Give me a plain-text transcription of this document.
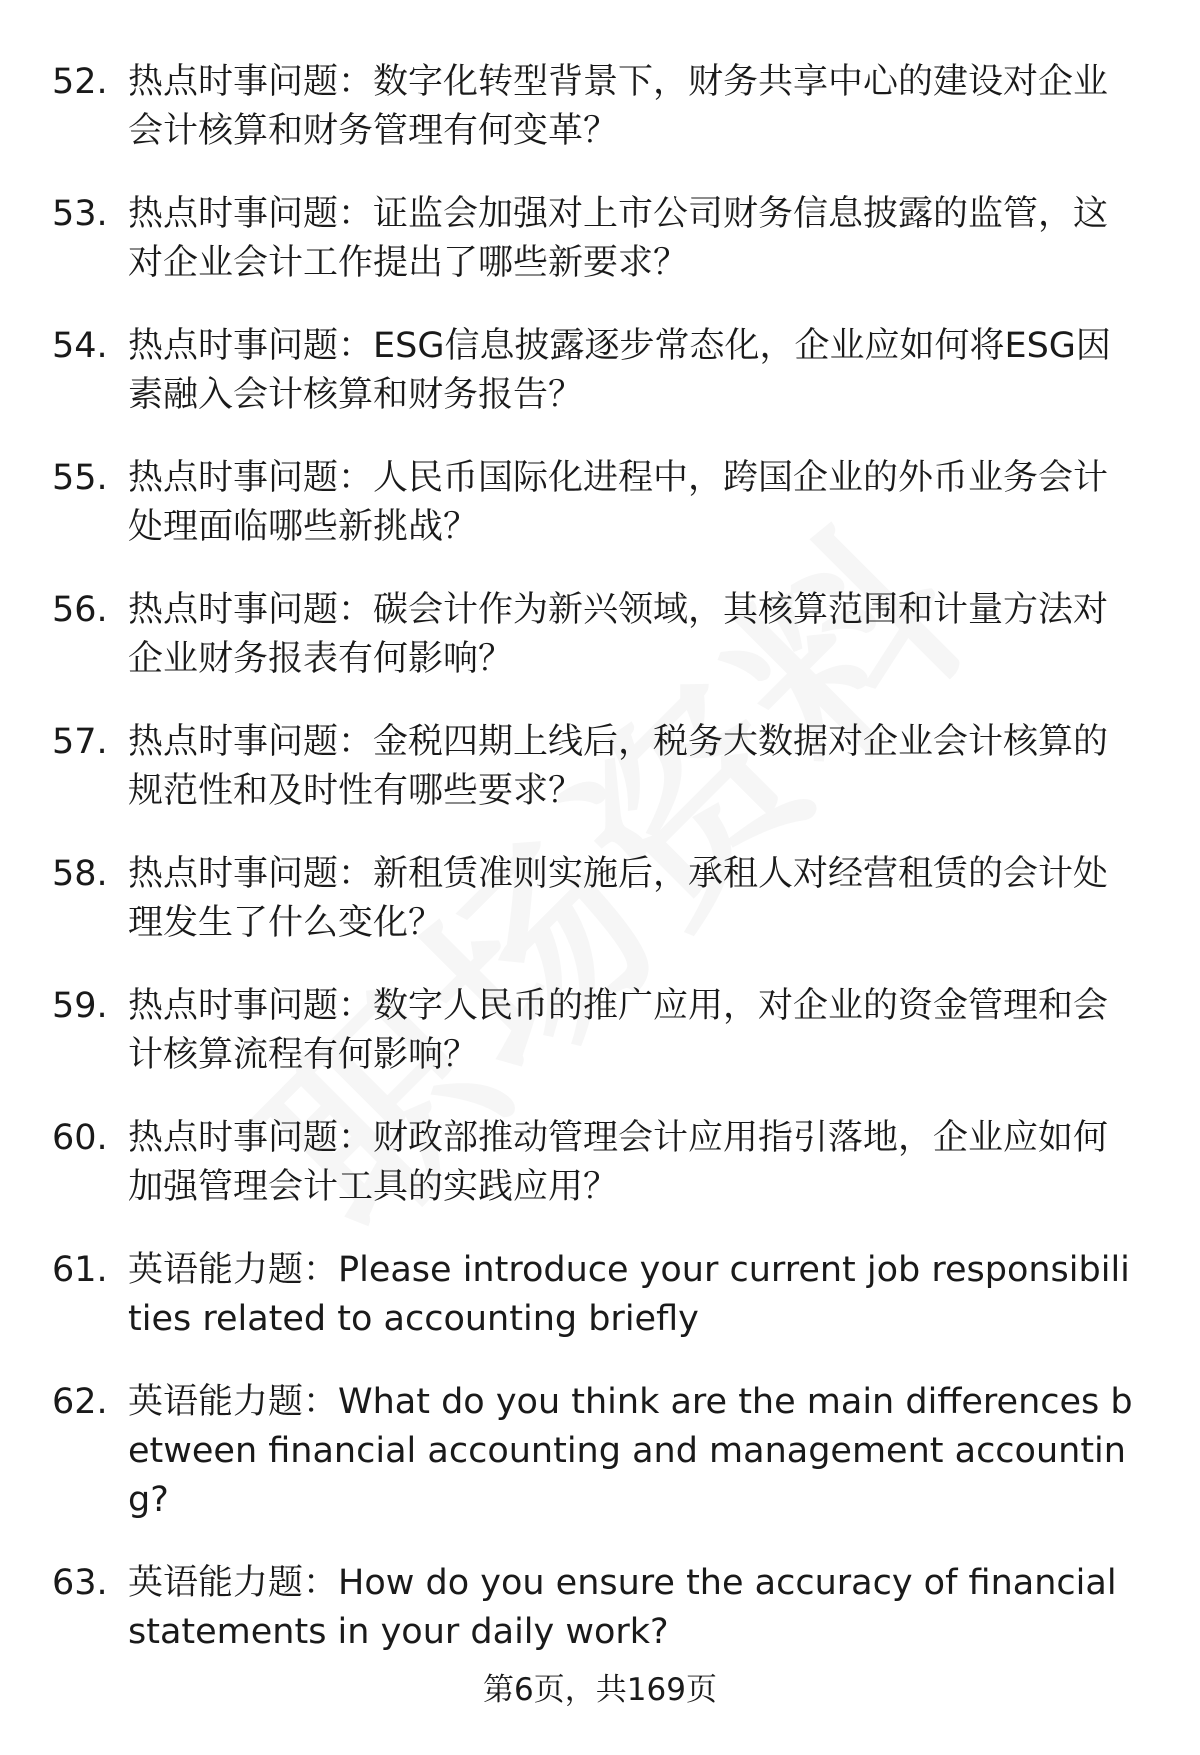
52. 热点时事问题：数字化转型背景下，财务共享中心的建设对企业会计核算和财务管理有何变革？
53. 热点时事问题：证监会加强对上市公司财务信息披露的监管，这对企业会计工作提出了哪些新要求？
54. 热点时事问题：ESG信息披露逐步常态化，企业应如何将ESG因素融入会计核算和财务报告？
55. 热点时事问题：人民币国际化进程中，跨国企业的外币业务会计处理面临哪些新挑战？
56. 热点时事问题：碳会计作为新兴领域，其核算范围和计量方法对企业财务报表有何影响？
57. 热点时事问题：金税四期上线后，税务大数据对企业会计核算的规范性和及时性有哪些要求？
58. 热点时事问题：新租赁准则实施后，承租人对经营租赁的会计处理发生了什么变化？
59. 热点时事问题：数字人民币的推广应用，对企业的资金管理和会计核算流程有何影响？
60. 热点时事问题：财政部推动管理会计应用指引落地，企业应如何加强管理会计工具的实践应用？
61. 英语能力题：Please introduce your current job responsibilities related to accounting briefly
62. 英语能力题：What do you think are the main differences between financial accounting and management accounting?
63. 英语能力题：How do you ensure the accuracy of financial statements in your daily work?
第6页，共169页
